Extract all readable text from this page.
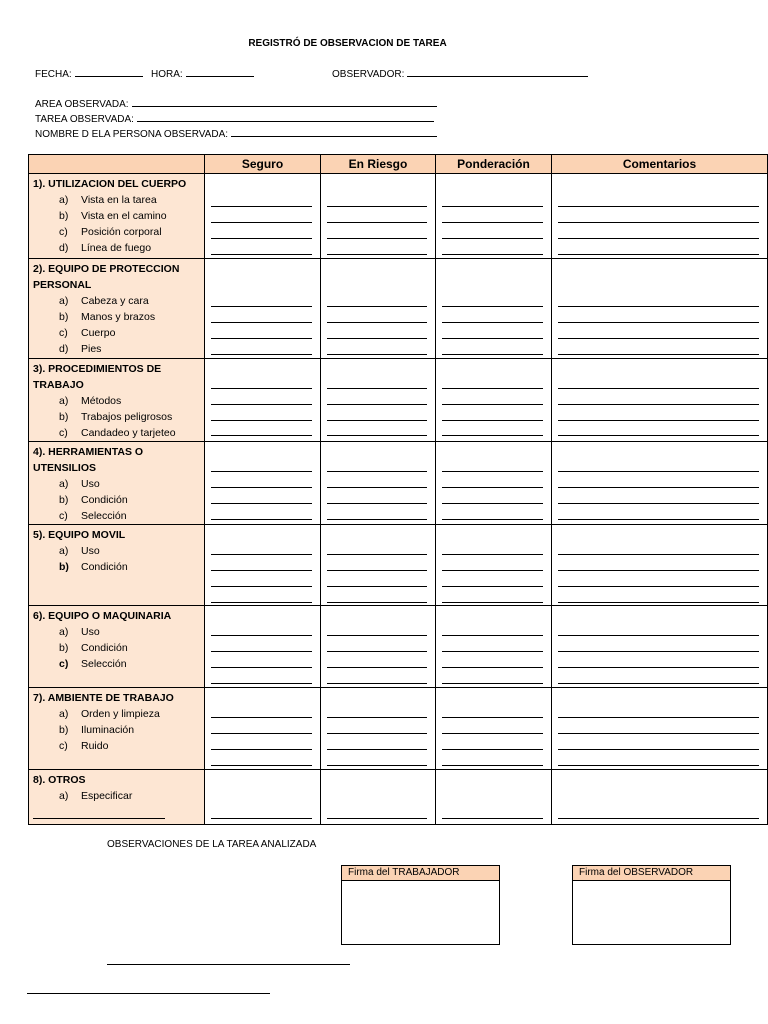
REGISTRÓ DE OBSERVACION DE TAREA
FECHA:	HORA:	OBSERVADOR:
AREA OBSERVADA:
TAREA OBSERVADA:
NOMBRE D ELA PERSONA OBSERVADA:
	Seguro	En Riesgo	Ponderación	Comentarios

1). UTILIZACION DEL CUERPO
a) Vista en la tarea
b) Vista en el camino
c) Posición corporal
d) Línea de fuego				

2). EQUIPO DE PROTECCION PERSONAL
a) Cabeza y cara
b) Manos y brazos
c) Cuerpo
d) Pies				

3). PROCEDIMIENTOS DE TRABAJO
a) Métodos
b) Trabajos peligrosos
c) Candadeo y tarjeteo				

4). HERRAMIENTAS O UTENSILIOS
a) Uso
b) Condición
c) Selección				

5). EQUIPO MOVIL
a) Uso
b) Condición				

6). EQUIPO O MAQUINARIA
a) Uso
b) Condición
c) Selección				

7). AMBIENTE DE TRABAJO
a) Orden y limpieza
b) Iluminación
c) Ruido				

8). OTROS
a) Especificar				

OBSERVACIONES DE LA TAREA ANALIZADA
Firma del TRABAJADOR	Firma del OBSERVADOR
